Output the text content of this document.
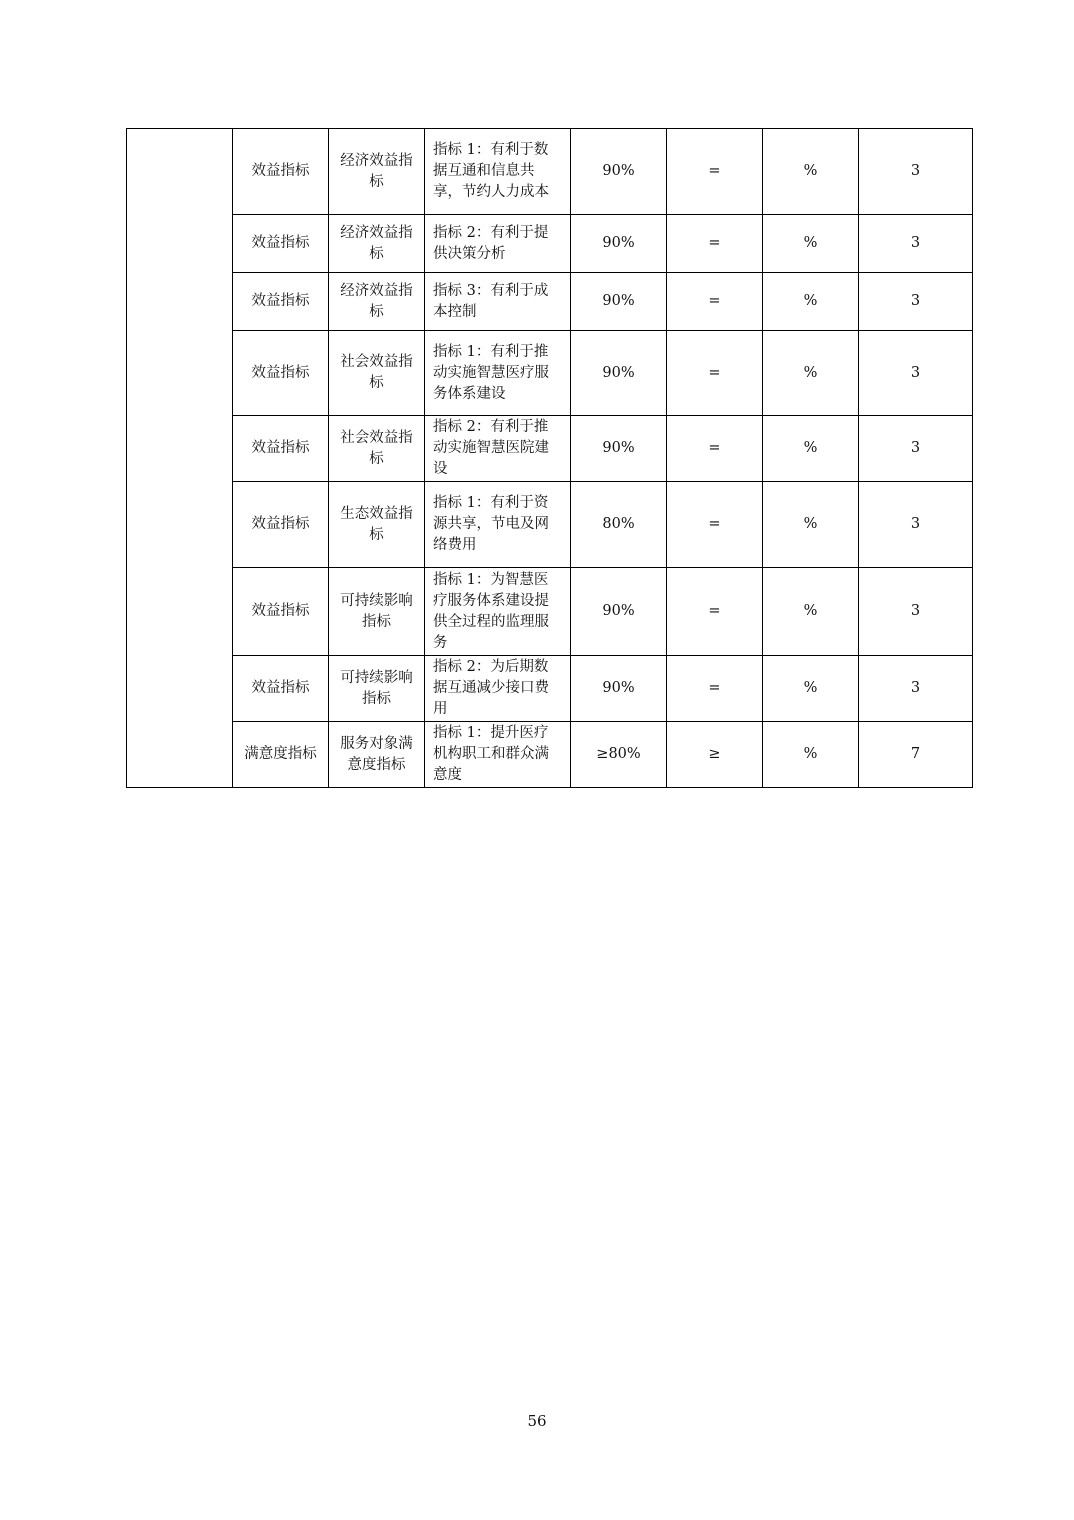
	效益指标	经济效益指标	指标 1：有利于数据互通和信息共享，节约人力成本	90%	=	%	3
	效益指标	经济效益指标	指标 2：有利于提供决策分析	90%	=	%	3
	效益指标	经济效益指标	指标 3：有利于成本控制	90%	=	%	3
	效益指标	社会效益指标	指标 1：有利于推动实施智慧医疗服务体系建设	90%	=	%	3
	效益指标	社会效益指标	指标 2：有利于推动实施智慧医院建设	90%	=	%	3
	效益指标	生态效益指标	指标 1：有利于资源共享，节电及网络费用	80%	=	%	3
	效益指标	可持续影响指标	指标 1：为智慧医疗服务体系建设提供全过程的监理服务	90%	=	%	3
	效益指标	可持续影响指标	指标 2：为后期数据互通减少接口费用	90%	=	%	3
	满意度指标	服务对象满意度指标	指标 1：提升医疗机构职工和群众满意度	≥80%	≥	%	7
56
